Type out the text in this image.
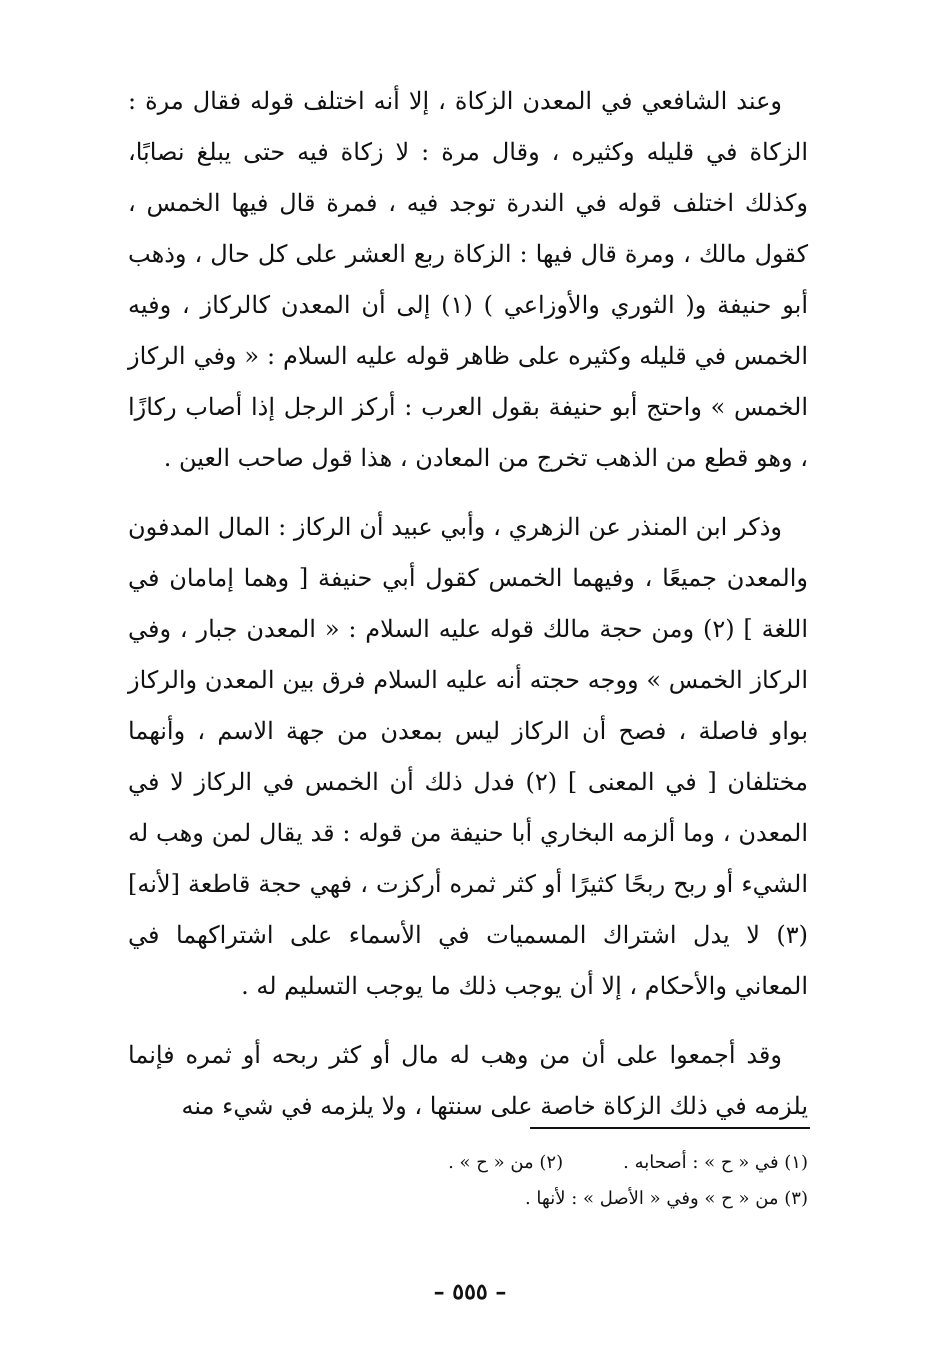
وعند الشافعي في المعدن الزكاة ، إلا أنه اختلف قوله فقال مرة : الزكاة في قليله وكثيره ، وقال مرة : لا زكاة فيه حتى يبلغ نصابًا، وكذلك اختلف قوله في الندرة توجد فيه ، فمرة قال فيها الخمس ، كقول مالك ، ومرة قال فيها : الزكاة ربع العشر على كل حال ، وذهب أبو حنيفة و( الثوري والأوزاعي ) (١) إلى أن المعدن كالركاز ، وفيه الخمس في قليله وكثيره على ظاهر قوله عليه السلام : « وفي الركاز الخمس » واحتج أبو حنيفة بقول العرب : أركز الرجل إذا أصاب ركازًا ، وهو قطع من الذهب تخرج من المعادن ، هذا قول صاحب العين .

وذكر ابن المنذر عن الزهري ، وأبي عبيد أن الركاز : المال المدفون والمعدن جميعًا ، وفيهما الخمس كقول أبي حنيفة [ وهما إمامان في اللغة ] (٢) ومن حجة مالك قوله عليه السلام : « المعدن جبار ، وفي الركاز الخمس » ووجه حجته أنه عليه السلام فرق بين المعدن والركاز بواو فاصلة ، فصح أن الركاز ليس بمعدن من جهة الاسم ، وأنهما مختلفان [ في المعنى ] (٢) فدل ذلك أن الخمس في الركاز لا في المعدن ، وما ألزمه البخاري أبا حنيفة من قوله : قد يقال لمن وهب له الشيء أو ربح ربحًا كثيرًا أو كثر ثمره أركزت ، فهي حجة قاطعة [لأنه] (٣) لا يدل اشتراك المسميات في الأسماء على اشتراكهما في المعاني والأحكام ، إلا أن يوجب ذلك ما يوجب التسليم له .

وقد أجمعوا على أن من وهب له مال أو كثر ربحه أو ثمره فإنما يلزمه في ذلك الزكاة خاصة على سنتها ، ولا يلزمه في شيء منه

(١) في « ح » : أصحابه .(٢) من « ح » .
(٣) من « ح » وفي « الأصل » : لأنها .
– ٥٥٥ –
